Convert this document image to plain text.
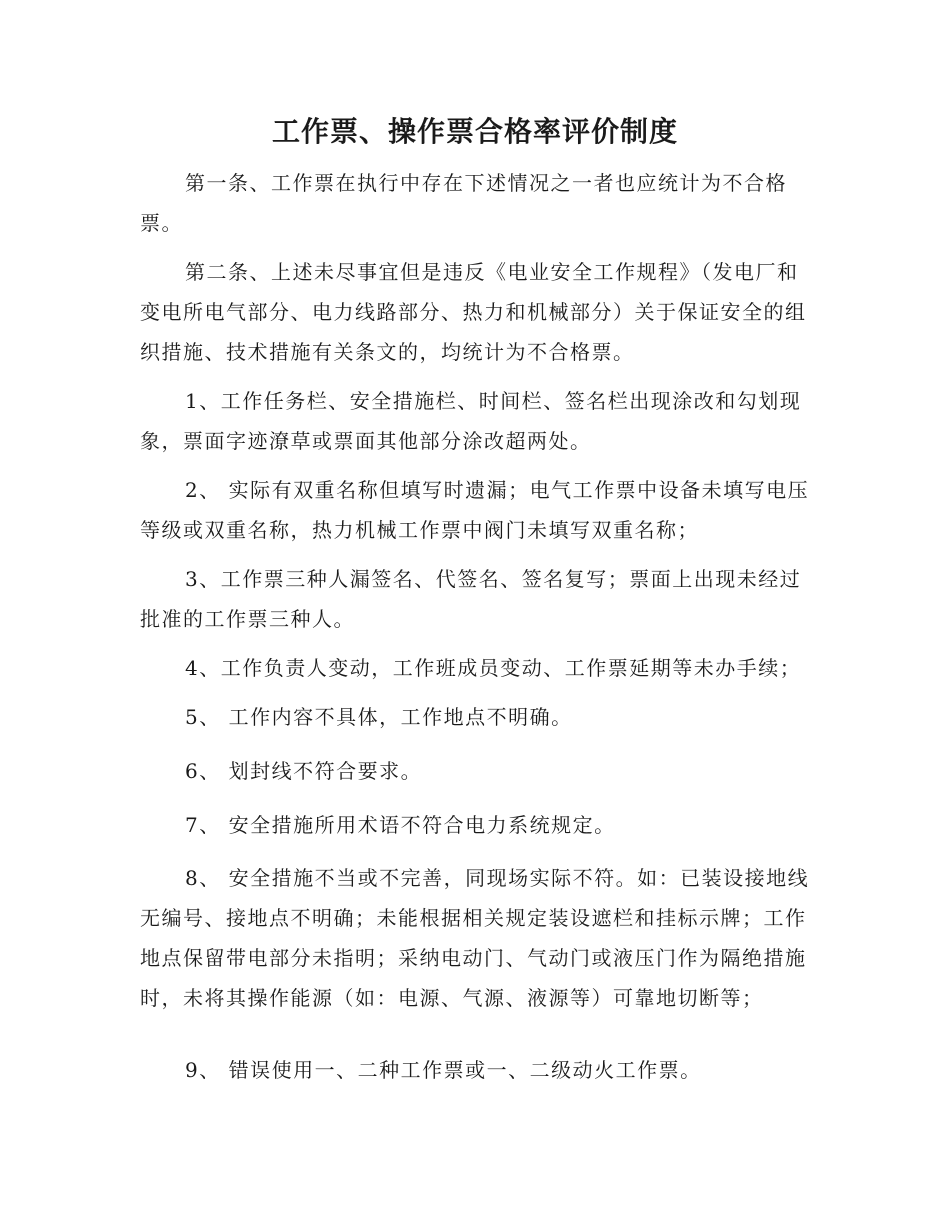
工作票、操作票合格率评价制度

第一条、工作票在执行中存在下述情况之一者也应统计为不合格票。

第二条、上述未尽事宜但是违反《电业安全工作规程》（发电厂和变电所电气部分、电力线路部分、热力和机械部分）关于保证安全的组织措施、技术措施有关条文的，均统计为不合格票。

1、工作任务栏、安全措施栏、时间栏、签名栏出现涂改和勾划现象，票面字迹潦草或票面其他部分涂改超两处。

2、 实际有双重名称但填写时遗漏；电气工作票中设备未填写电压等级或双重名称，热力机械工作票中阀门未填写双重名称；

3、工作票三种人漏签名、代签名、签名复写；票面上出现未经过批准的工作票三种人。

4、工作负责人变动，工作班成员变动、工作票延期等未办手续；

5、 工作内容不具体，工作地点不明确。

6、 划封线不符合要求。

7、 安全措施所用术语不符合电力系统规定。

8、 安全措施不当或不完善，同现场实际不符。如：已装设接地线无编号、接地点不明确；未能根据相关规定装设遮栏和挂标示牌；工作地点保留带电部分未指明；采纳电动门、气动门或液压门作为隔绝措施时，未将其操作能源（如：电源、气源、液源等）可靠地切断等；

9、 错误使用一、二种工作票或一、二级动火工作票。
